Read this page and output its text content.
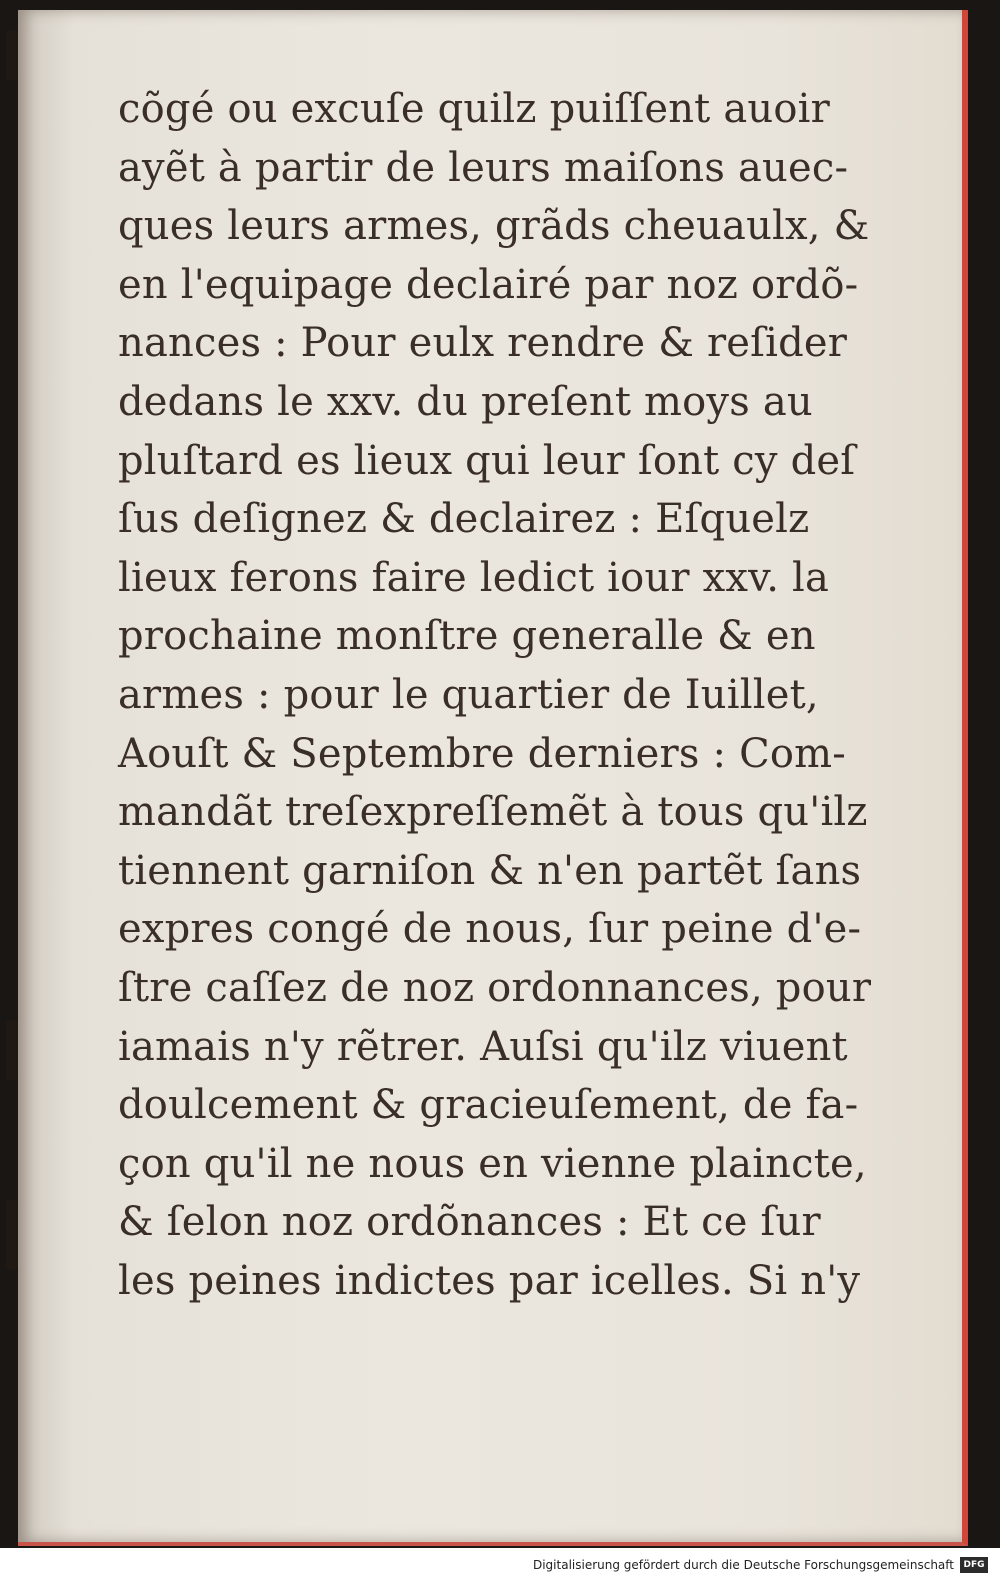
cõgé ou excuſe quilz puiſſent auoir
ayẽt à partir de leurs maiſons auec-
ques leurs armes, grãds cheuaulx, &
en l'equipage declairé par noz ordõ-
nances : Pour eulx rendre & reſider
dedans le xxv. du preſent moys au
pluſtard es lieux qui leur ſont cy deſ
ſus deſignez & declairez : Eſquelz
lieux ferons faire ledict iour xxv. la
prochaine monſtre generalle & en
armes : pour le quartier de Iuillet,
Aouſt & Septembre derniers : Com-
mandãt treſexpreſſemẽt à tous qu'ilz
tiennent garniſon & n'en partẽt ſans
expres congé de nous, ſur peine d'e-
ſtre caſſez de noz ordonnances, pour
iamais n'y rẽtrer. Auſsi qu'ilz viuent
doulcement & gracieuſement, de fa-
çon qu'il ne nous en vienne plaincte,
& ſelon noz ordõnances : Et ce ſur
les peines indictes par icelles. Si n'y
Digitalisierung gefördert durch die Deutsche Forschungsgemeinschaft	DFG
